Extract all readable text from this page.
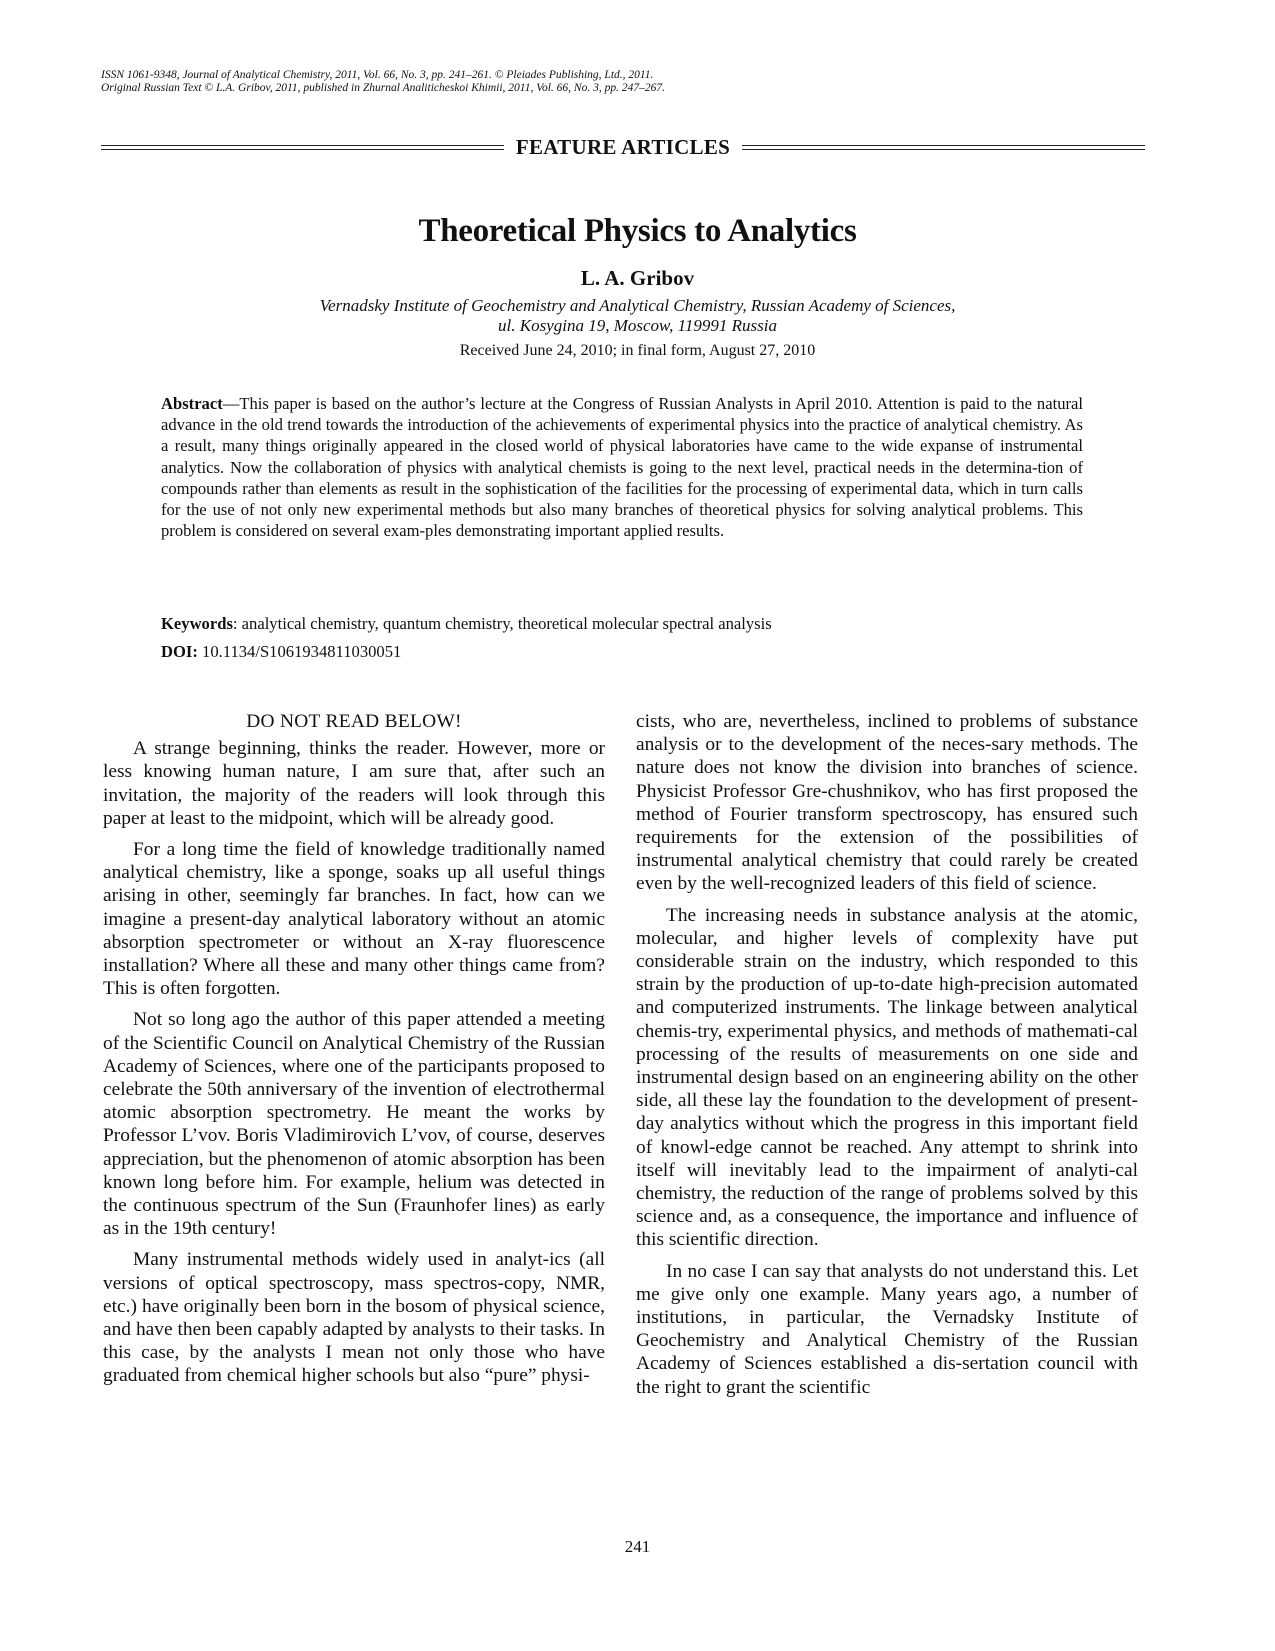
ISSN 1061-9348, Journal of Analytical Chemistry, 2011, Vol. 66, No. 3, pp. 241–261. © Pleiades Publishing, Ltd., 2011.
Original Russian Text © L.A. Gribov, 2011, published in Zhurnal Analiticheskoi Khimii, 2011, Vol. 66, No. 3, pp. 247–267.
FEATURE ARTICLES
Theoretical Physics to Analytics
L. A. Gribov
Vernadsky Institute of Geochemistry and Analytical Chemistry, Russian Academy of Sciences,
ul. Kosygina 19, Moscow, 119991 Russia
Received June 24, 2010; in final form, August 27, 2010
Abstract—This paper is based on the author’s lecture at the Congress of Russian Analysts in April 2010. Attention is paid to the natural advance in the old trend towards the introduction of the achievements of experimental physics into the practice of analytical chemistry. As a result, many things originally appeared in the closed world of physical laboratories have came to the wide expanse of instrumental analytics. Now the collaboration of physics with analytical chemists is going to the next level, practical needs in the determina-tion of compounds rather than elements as result in the sophistication of the facilities for the processing of experimental data, which in turn calls for the use of not only new experimental methods but also many branches of theoretical physics for solving analytical problems. This problem is considered on several exam-ples demonstrating important applied results.
Keywords: analytical chemistry, quantum chemistry, theoretical molecular spectral analysis
DOI: 10.1134/S1061934811030051
DO NOT READ BELOW!

A strange beginning, thinks the reader. However, more or less knowing human nature, I am sure that, after such an invitation, the majority of the readers will look through this paper at least to the midpoint, which will be already good.

For a long time the field of knowledge traditionally named analytical chemistry, like a sponge, soaks up all useful things arising in other, seemingly far branches. In fact, how can we imagine a present-day analytical laboratory without an atomic absorption spectrometer or without an X-ray fluorescence installation? Where all these and many other things came from? This is often forgotten.

Not so long ago the author of this paper attended a meeting of the Scientific Council on Analytical Chemistry of the Russian Academy of Sciences, where one of the participants proposed to celebrate the 50th anniversary of the invention of electrothermal atomic absorption spectrometry. He meant the works by Professor L’vov. Boris Vladimirovich L’vov, of course, deserves appreciation, but the phenomenon of atomic absorption has been known long before him. For example, helium was detected in the continuous spectrum of the Sun (Fraunhofer lines) as early as in the 19th century!

Many instrumental methods widely used in analyt-ics (all versions of optical spectroscopy, mass spectros-copy, NMR, etc.) have originally been born in the bosom of physical science, and have then been capably adapted by analysts to their tasks. In this case, by the analysts I mean not only those who have graduated from chemical higher schools but also “pure” physi-

cists, who are, nevertheless, inclined to problems of substance analysis or to the development of the neces-sary methods. The nature does not know the division into branches of science. Physicist Professor Gre-chushnikov, who has first proposed the method of Fourier transform spectroscopy, has ensured such requirements for the extension of the possibilities of instrumental analytical chemistry that could rarely be created even by the well-recognized leaders of this field of science.

The increasing needs in substance analysis at the atomic, molecular, and higher levels of complexity have put considerable strain on the industry, which responded to this strain by the production of up-to-date high-precision automated and computerized instruments. The linkage between analytical chemis-try, experimental physics, and methods of mathemati-cal processing of the results of measurements on one side and instrumental design based on an engineering ability on the other side, all these lay the foundation to the development of present-day analytics without which the progress in this important field of knowl-edge cannot be reached. Any attempt to shrink into itself will inevitably lead to the impairment of analyti-cal chemistry, the reduction of the range of problems solved by this science and, as a consequence, the importance and influence of this scientific direction.

In no case I can say that analysts do not understand this. Let me give only one example. Many years ago, a number of institutions, in particular, the Vernadsky Institute of Geochemistry and Analytical Chemistry of the Russian Academy of Sciences established a dis-sertation council with the right to grant the scientific

241
